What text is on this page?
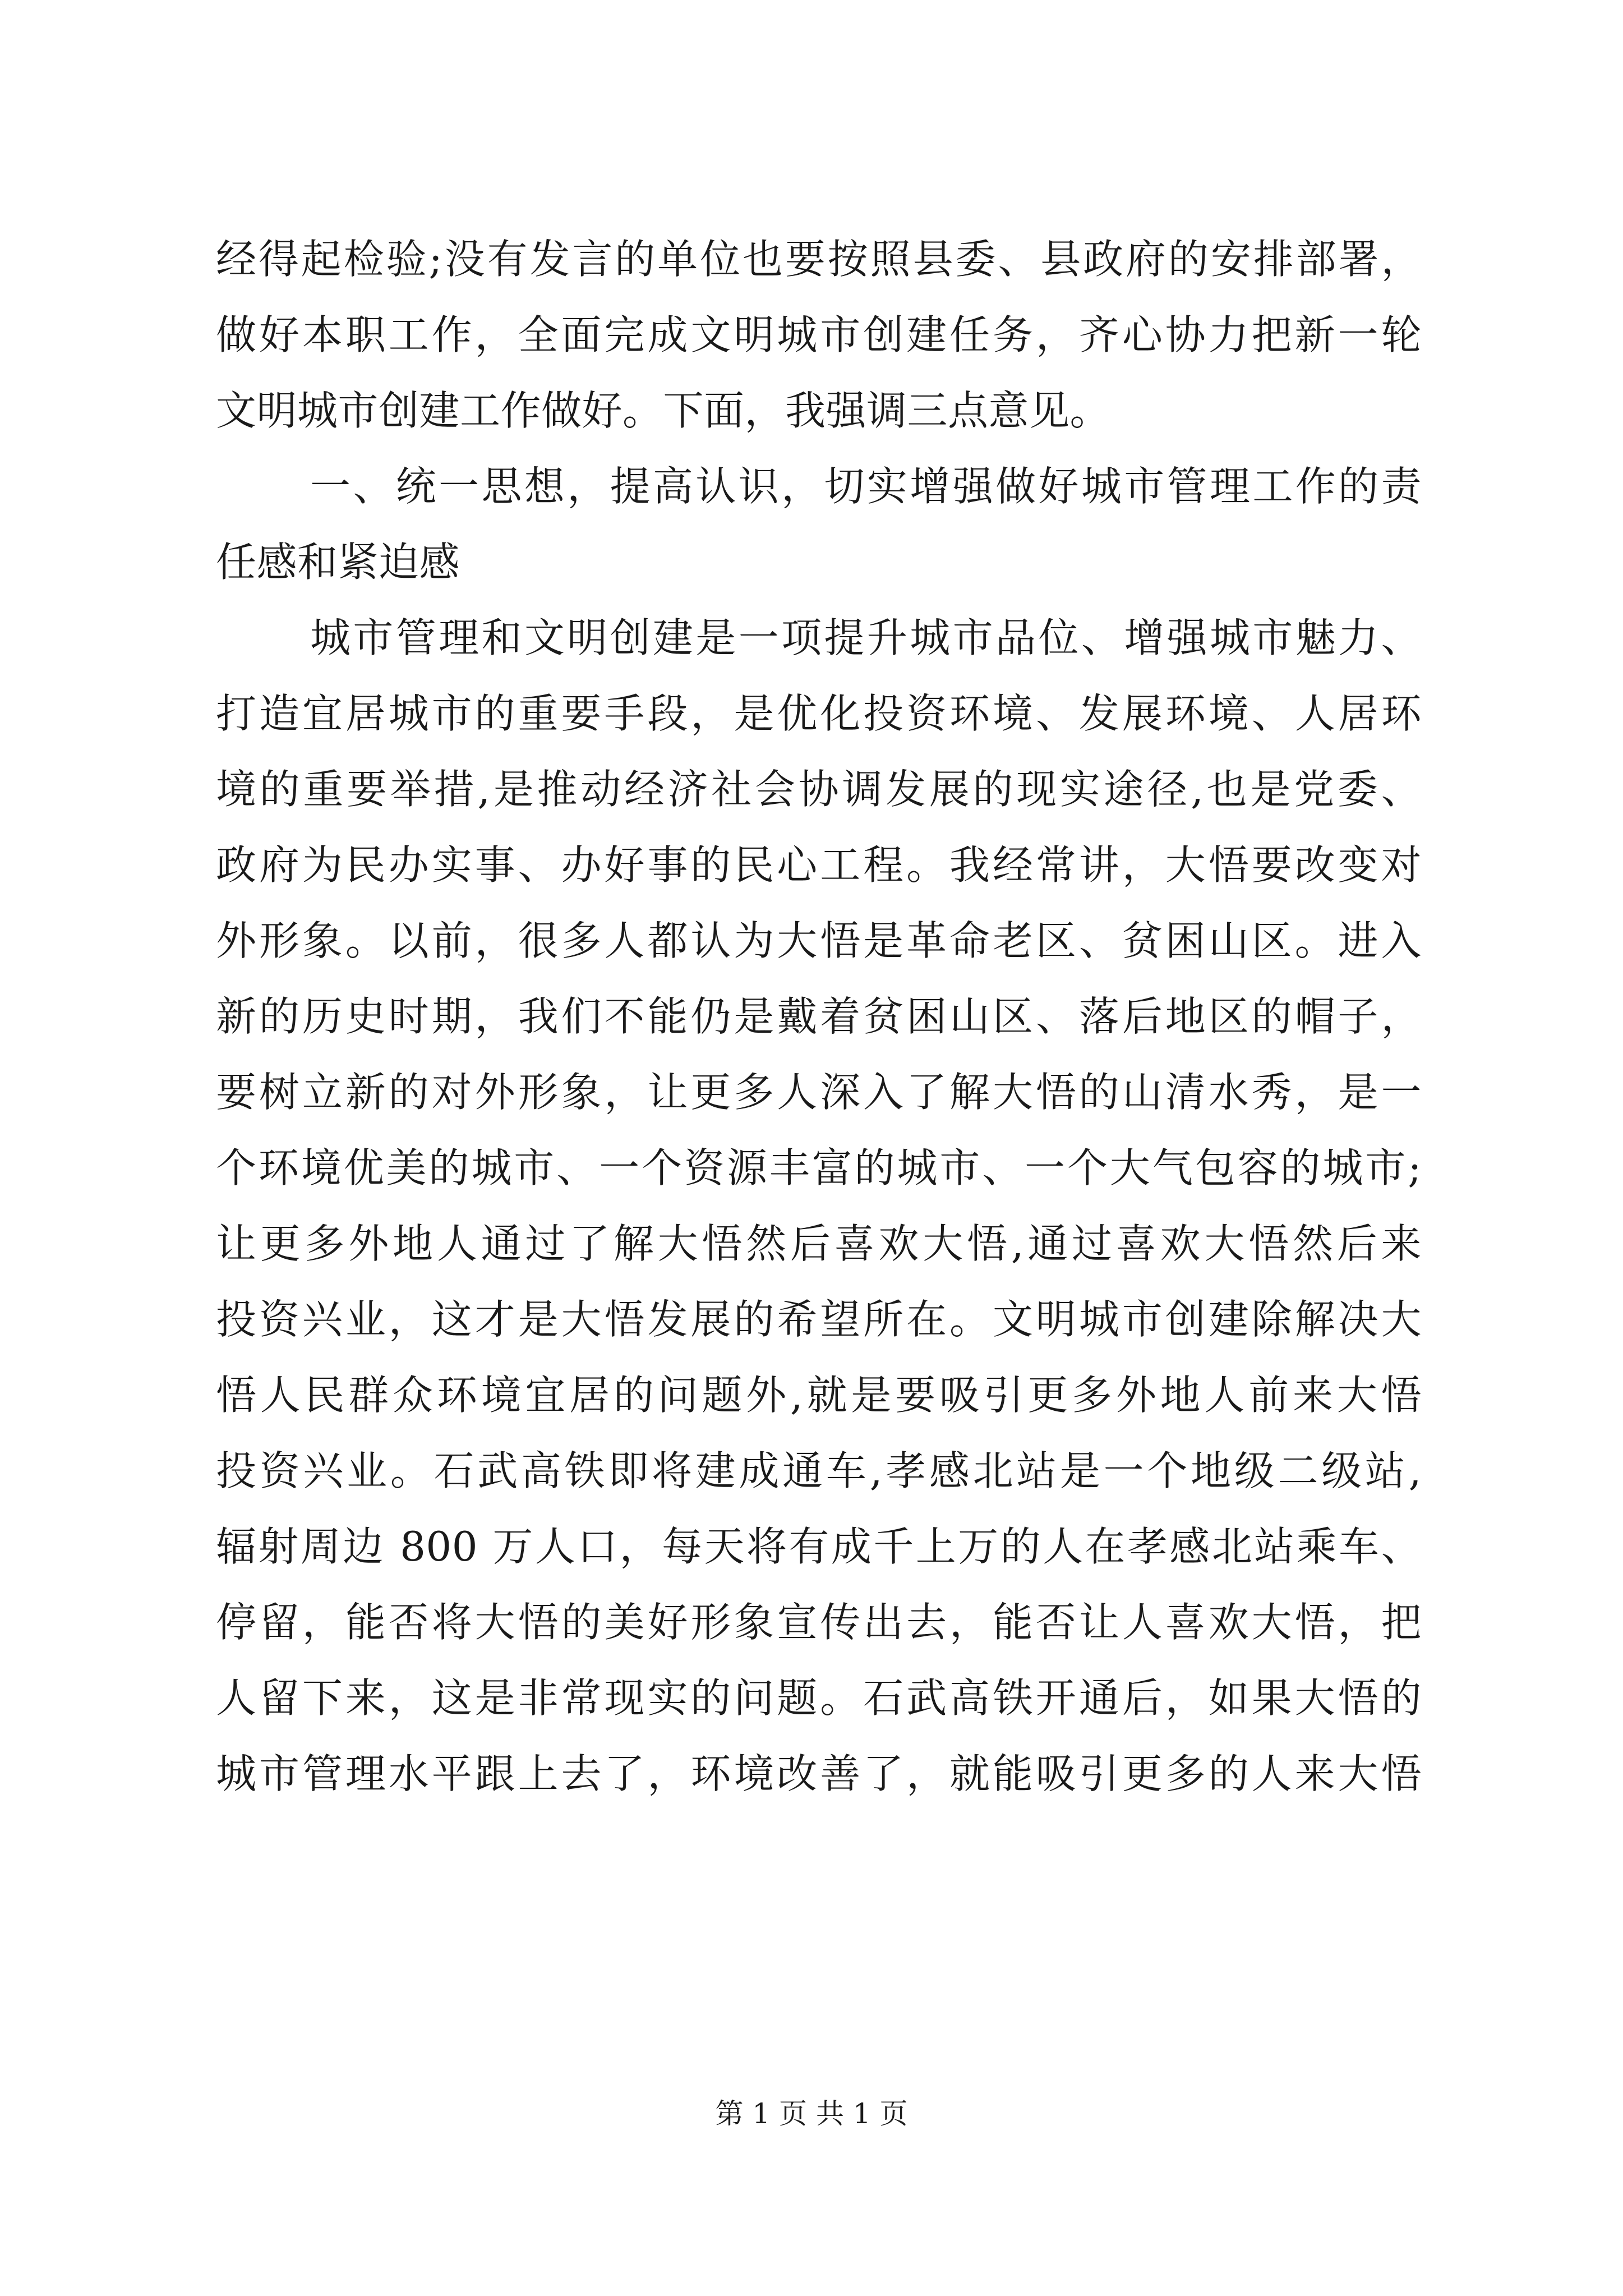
经得起检验;没有发言的单位也要按照县委、县政府的安排部署，
做好本职工作，全面完成文明城市创建任务，齐心协力把新一轮
文明城市创建工作做好。下面，我强调三点意见。
一、统一思想，提高认识，切实增强做好城市管理工作的责
任感和紧迫感
城市管理和文明创建是一项提升城市品位、增强城市魅力、
打造宜居城市的重要手段，是优化投资环境、发展环境、人居环
境的重要举措,是推动经济社会协调发展的现实途径,也是党委、
政府为民办实事、办好事的民心工程。我经常讲，大悟要改变对
外形象。以前，很多人都认为大悟是革命老区、贫困山区。进入
新的历史时期，我们不能仍是戴着贫困山区、落后地区的帽子，
要树立新的对外形象，让更多人深入了解大悟的山清水秀，是一
个环境优美的城市、一个资源丰富的城市、一个大气包容的城市;
让更多外地人通过了解大悟然后喜欢大悟,通过喜欢大悟然后来
投资兴业，这才是大悟发展的希望所在。文明城市创建除解决大
悟人民群众环境宜居的问题外,就是要吸引更多外地人前来大悟
投资兴业。石武高铁即将建成通车,孝感北站是一个地级二级站,
辐射周边 800 万人口，每天将有成千上万的人在孝感北站乘车、
停留，能否将大悟的美好形象宣传出去，能否让人喜欢大悟，把
人留下来，这是非常现实的问题。石武高铁开通后，如果大悟的
城市管理水平跟上去了，环境改善了，就能吸引更多的人来大悟
第 1 页 共 1 页
